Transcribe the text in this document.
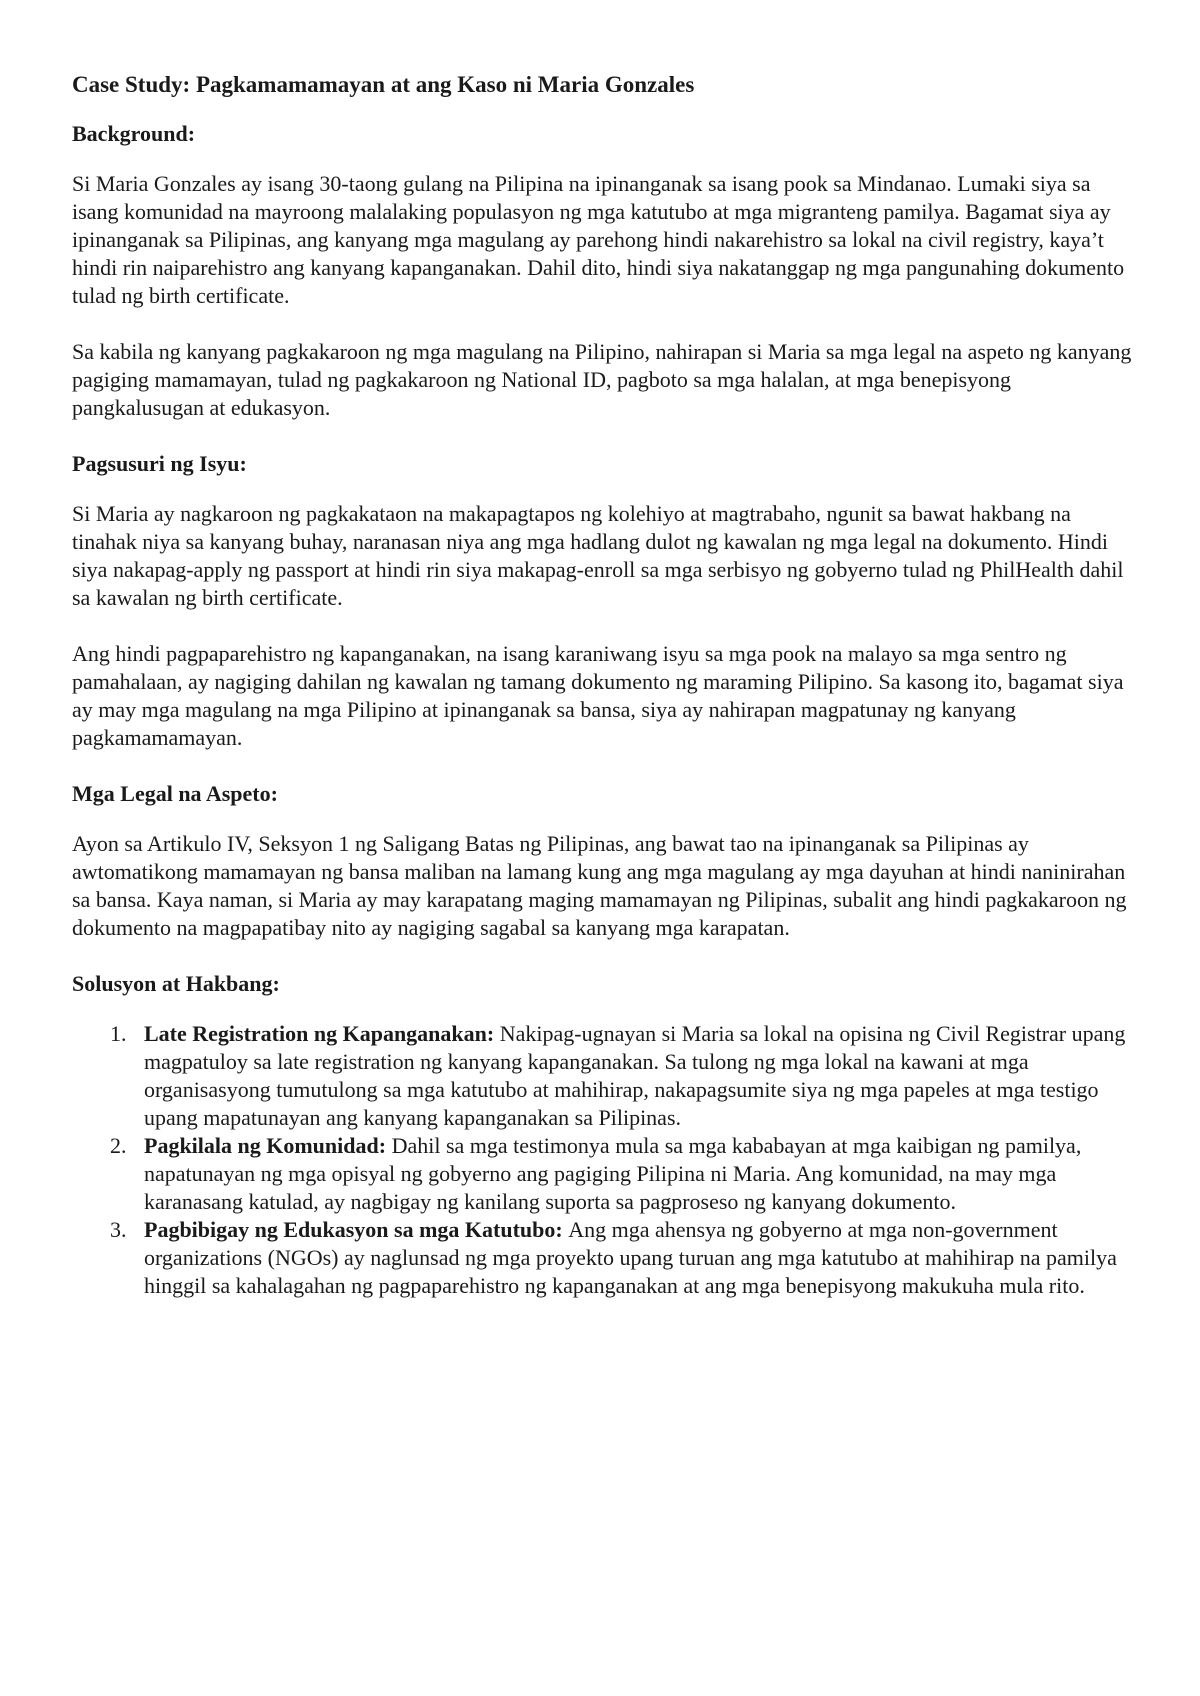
Case Study: Pagkamamamayan at ang Kaso ni Maria Gonzales
Background:

Si Maria Gonzales ay isang 30-taong gulang na Pilipina na ipinanganak sa isang pook sa Mindanao. Lumaki siya sa isang komunidad na mayroong malalaking populasyon ng mga katutubo at mga migranteng pamilya. Bagamat siya ay ipinanganak sa Pilipinas, ang kanyang mga magulang ay parehong hindi nakarehistro sa lokal na civil registry, kaya’t hindi rin naiparehistro ang kanyang kapanganakan. Dahil dito, hindi siya nakatanggap ng mga pangunahing dokumento tulad ng birth certificate.

Sa kabila ng kanyang pagkakaroon ng mga magulang na Pilipino, nahirapan si Maria sa mga legal na aspeto ng kanyang pagiging mamamayan, tulad ng pagkakaroon ng National ID, pagboto sa mga halalan, at mga benepisyong pangkalusugan at edukasyon.

Pagsusuri ng Isyu:

Si Maria ay nagkaroon ng pagkakataon na makapagtapos ng kolehiyo at magtrabaho, ngunit sa bawat hakbang na tinahak niya sa kanyang buhay, naranasan niya ang mga hadlang dulot ng kawalan ng mga legal na dokumento. Hindi siya nakapag-apply ng passport at hindi rin siya makapag-enroll sa mga serbisyo ng gobyerno tulad ng PhilHealth dahil sa kawalan ng birth certificate.

Ang hindi pagpaparehistro ng kapanganakan, na isang karaniwang isyu sa mga pook na malayo sa mga sentro ng pamahalaan, ay nagiging dahilan ng kawalan ng tamang dokumento ng maraming Pilipino. Sa kasong ito, bagamat siya ay may mga magulang na mga Pilipino at ipinanganak sa bansa, siya ay nahirapan magpatunay ng kanyang pagkamamamayan.

Mga Legal na Aspeto:

Ayon sa Artikulo IV, Seksyon 1 ng Saligang Batas ng Pilipinas, ang bawat tao na ipinanganak sa Pilipinas ay awtomatikong mamamayan ng bansa maliban na lamang kung ang mga magulang ay mga dayuhan at hindi naninirahan sa bansa. Kaya naman, si Maria ay may karapatang maging mamamayan ng Pilipinas, subalit ang hindi pagkakaroon ng dokumento na magpapatibay nito ay nagiging sagabal sa kanyang mga karapatan.

Solusyon at Hakbang:
1. Late Registration ng Kapanganakan: Nakipag-ugnayan si Maria sa lokal na opisina ng Civil Registrar upang magpatuloy sa late registration ng kanyang kapanganakan. Sa tulong ng mga lokal na kawani at mga organisasyong tumutulong sa mga katutubo at mahihirap, nakapagsumite siya ng mga papeles at mga testigo upang mapatunayan ang kanyang kapanganakan sa Pilipinas.
2. Pagkilala ng Komunidad: Dahil sa mga testimonya mula sa mga kababayan at mga kaibigan ng pamilya, napatunayan ng mga opisyal ng gobyerno ang pagiging Pilipina ni Maria. Ang komunidad, na may mga karanasang katulad, ay nagbigay ng kanilang suporta sa pagproseso ng kanyang dokumento.
3. Pagbibigay ng Edukasyon sa mga Katutubo: Ang mga ahensya ng gobyerno at mga non-government organizations (NGOs) ay naglunsad ng mga proyekto upang turuan ang mga katutubo at mahihirap na pamilya hinggil sa kahalagahan ng pagpaparehistro ng kapanganakan at ang mga benepisyong makukuha mula rito.
